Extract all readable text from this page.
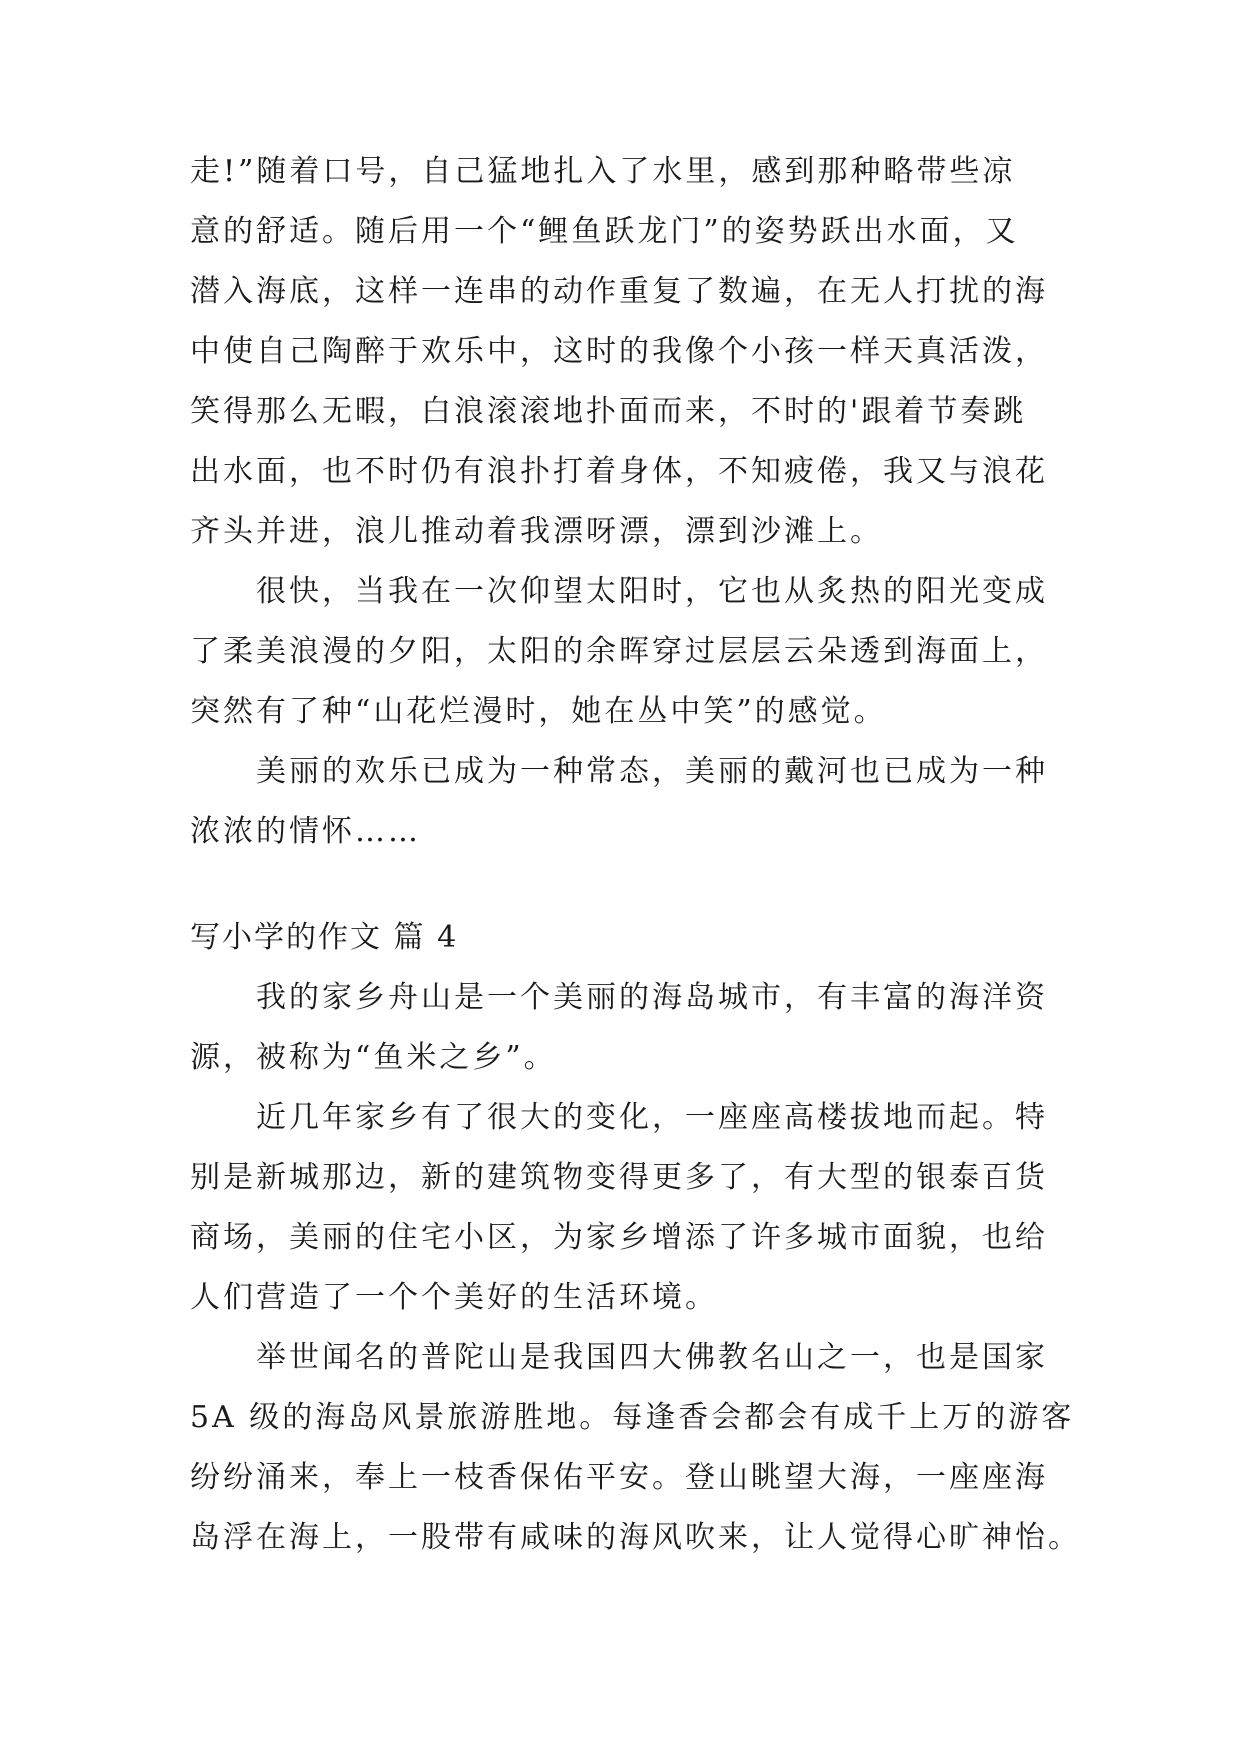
走!”随着口号，自己猛地扎入了水里，感到那种略带些凉
意的舒适。随后用一个“鲤鱼跃龙门”的姿势跃出水面，又
潜入海底，这样一连串的动作重复了数遍，在无人打扰的海
中使自己陶醉于欢乐中，这时的我像个小孩一样天真活泼，
笑得那么无暇，白浪滚滚地扑面而来，不时的'跟着节奏跳
出水面，也不时仍有浪扑打着身体，不知疲倦，我又与浪花
齐头并进，浪儿推动着我漂呀漂，漂到沙滩上。
很快，当我在一次仰望太阳时，它也从炙热的阳光变成
了柔美浪漫的夕阳，太阳的余晖穿过层层云朵透到海面上，
突然有了种“山花烂漫时，她在丛中笑”的感觉。
美丽的欢乐已成为一种常态，美丽的戴河也已成为一种
浓浓的情怀……
写小学的作文 篇 4
我的家乡舟山是一个美丽的海岛城市，有丰富的海洋资
源，被称为“鱼米之乡”。
近几年家乡有了很大的变化，一座座高楼拔地而起。特
别是新城那边，新的建筑物变得更多了，有大型的银泰百货
商场，美丽的住宅小区，为家乡增添了许多城市面貌，也给
人们营造了一个个美好的生活环境。
举世闻名的普陀山是我国四大佛教名山之一，也是国家
5A 级的海岛风景旅游胜地。每逢香会都会有成千上万的游客
纷纷涌来，奉上一枝香保佑平安。登山眺望大海，一座座海
岛浮在海上，一股带有咸味的海风吹来，让人觉得心旷神怡。
